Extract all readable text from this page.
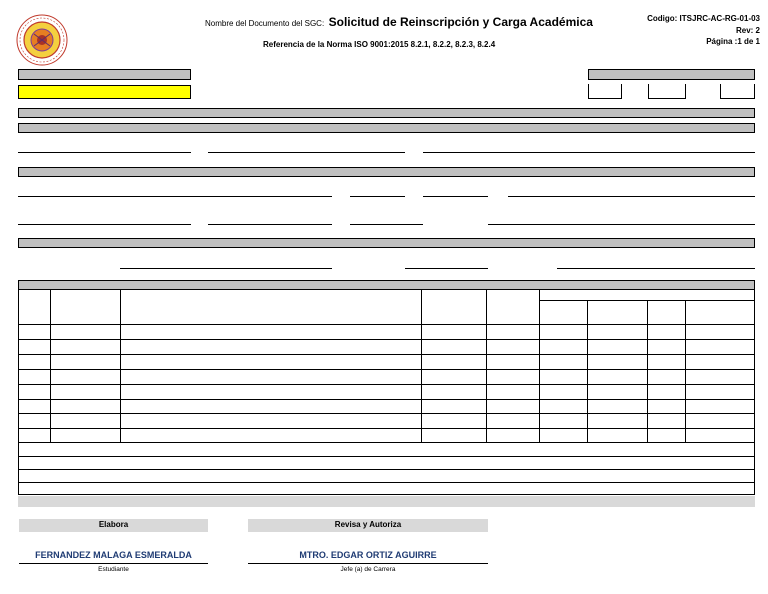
Nombre del Documento del SGC: Solicitud de Reinscripción y Carga Académica
Referencia de la Norma ISO 9001:2015 8.2.1, 8.2.2, 8.2.3, 8.2.4
Codigo: ITSJRC-AC-RG-01-03
Rev: 2
Página :1 de 1

Elabora
FERNANDEZ MALAGA ESMERALDA
Estudiante
Revisa y Autoriza
MTRO. EDGAR ORTIZ AGUIRRE
Jefe (a) de Carrera
